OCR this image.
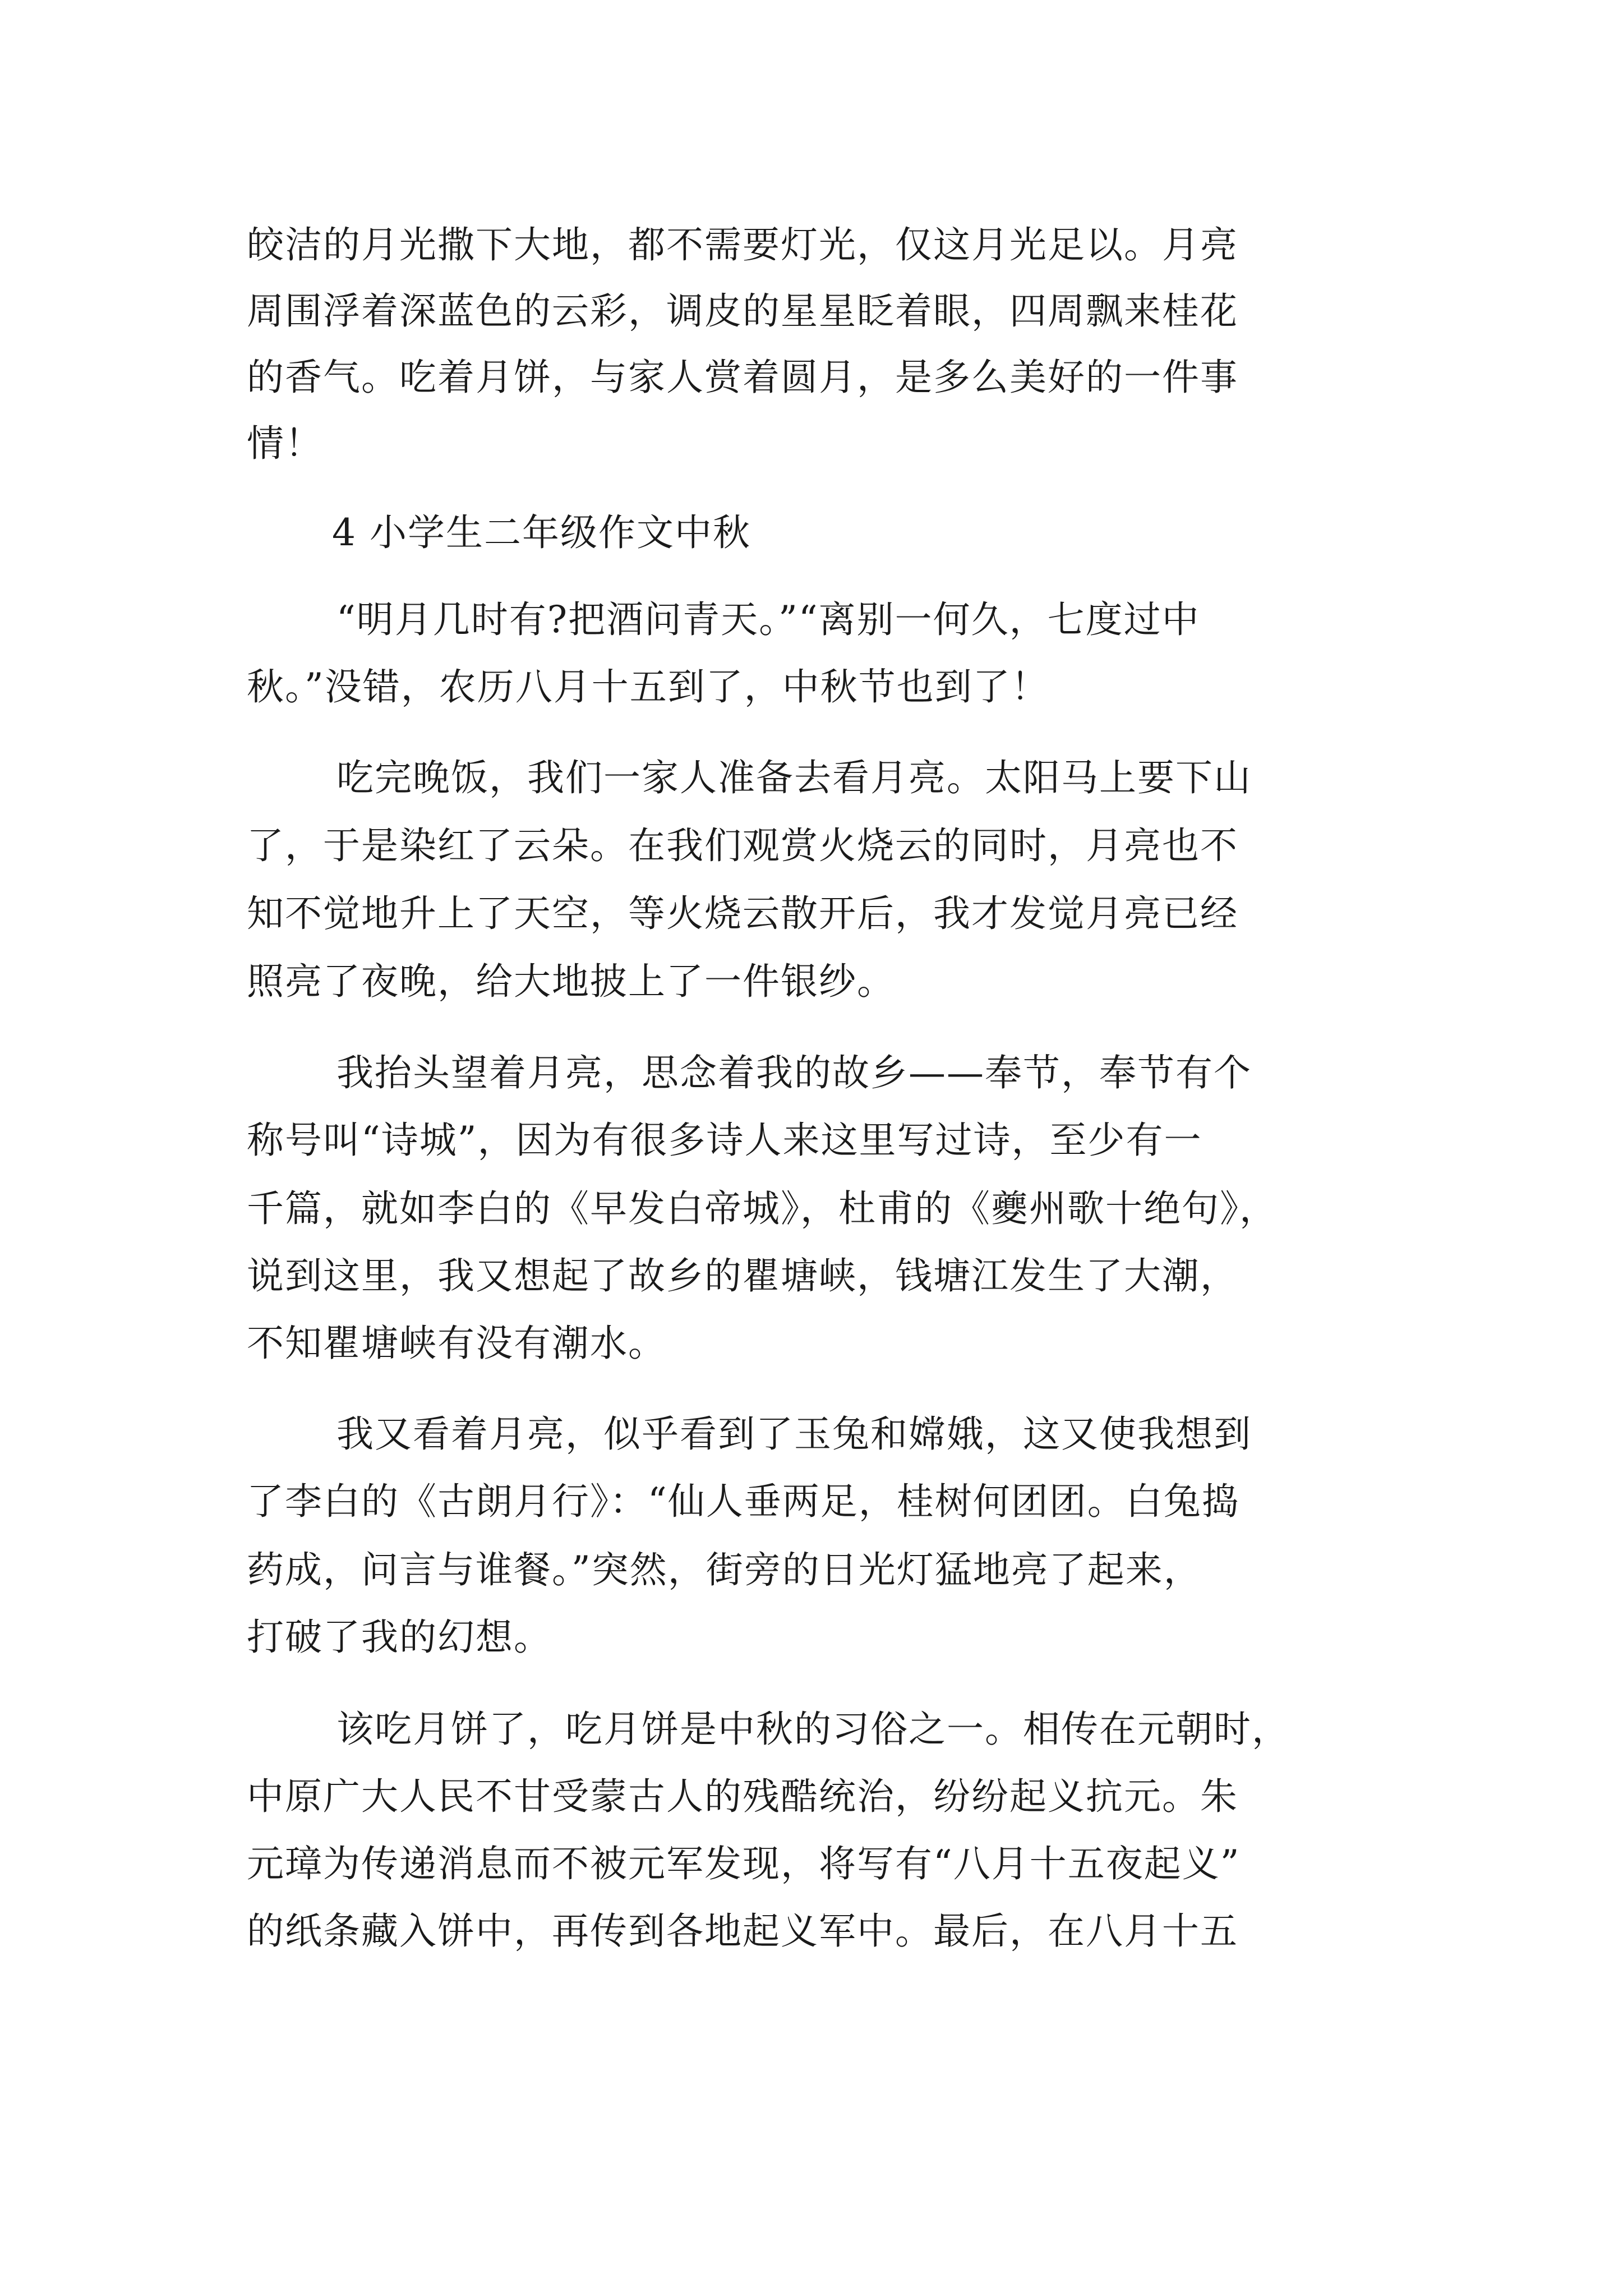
皎洁的月光撒下大地，都不需要灯光，仅这月光足以。月亮
周围浮着深蓝色的云彩，调皮的星星眨着眼，四周飘来桂花
的香气。吃着月饼，与家人赏着圆月，是多么美好的一件事
情！
4 小学生二年级作文中秋
“明月几时有?把酒问青天。”“离别一何久，七度过中
秋。”没错，农历八月十五到了，中秋节也到了！
吃完晚饭，我们一家人准备去看月亮。太阳马上要下山
了，于是染红了云朵。在我们观赏火烧云的同时，月亮也不
知不觉地升上了天空，等火烧云散开后，我才发觉月亮已经
照亮了夜晚，给大地披上了一件银纱。
我抬头望着月亮，思念着我的故乡——奉节，奉节有个
称号叫“诗城”，因为有很多诗人来这里写过诗，至少有一
千篇，就如李白的《早发白帝城》，杜甫的《夔州歌十绝句》，
说到这里，我又想起了故乡的瞿塘峡，钱塘江发生了大潮，
不知瞿塘峡有没有潮水。
我又看着月亮，似乎看到了玉兔和嫦娥，这又使我想到
了李白的《古朗月行》：“仙人垂两足，桂树何团团。白兔捣
药成，问言与谁餐。”突然，街旁的日光灯猛地亮了起来，
打破了我的幻想。
该吃月饼了，吃月饼是中秋的习俗之一。相传在元朝时，
中原广大人民不甘受蒙古人的残酷统治，纷纷起义抗元。朱
元璋为传递消息而不被元军发现，将写有“八月十五夜起义”
的纸条藏入饼中，再传到各地起义军中。最后，在八月十五
